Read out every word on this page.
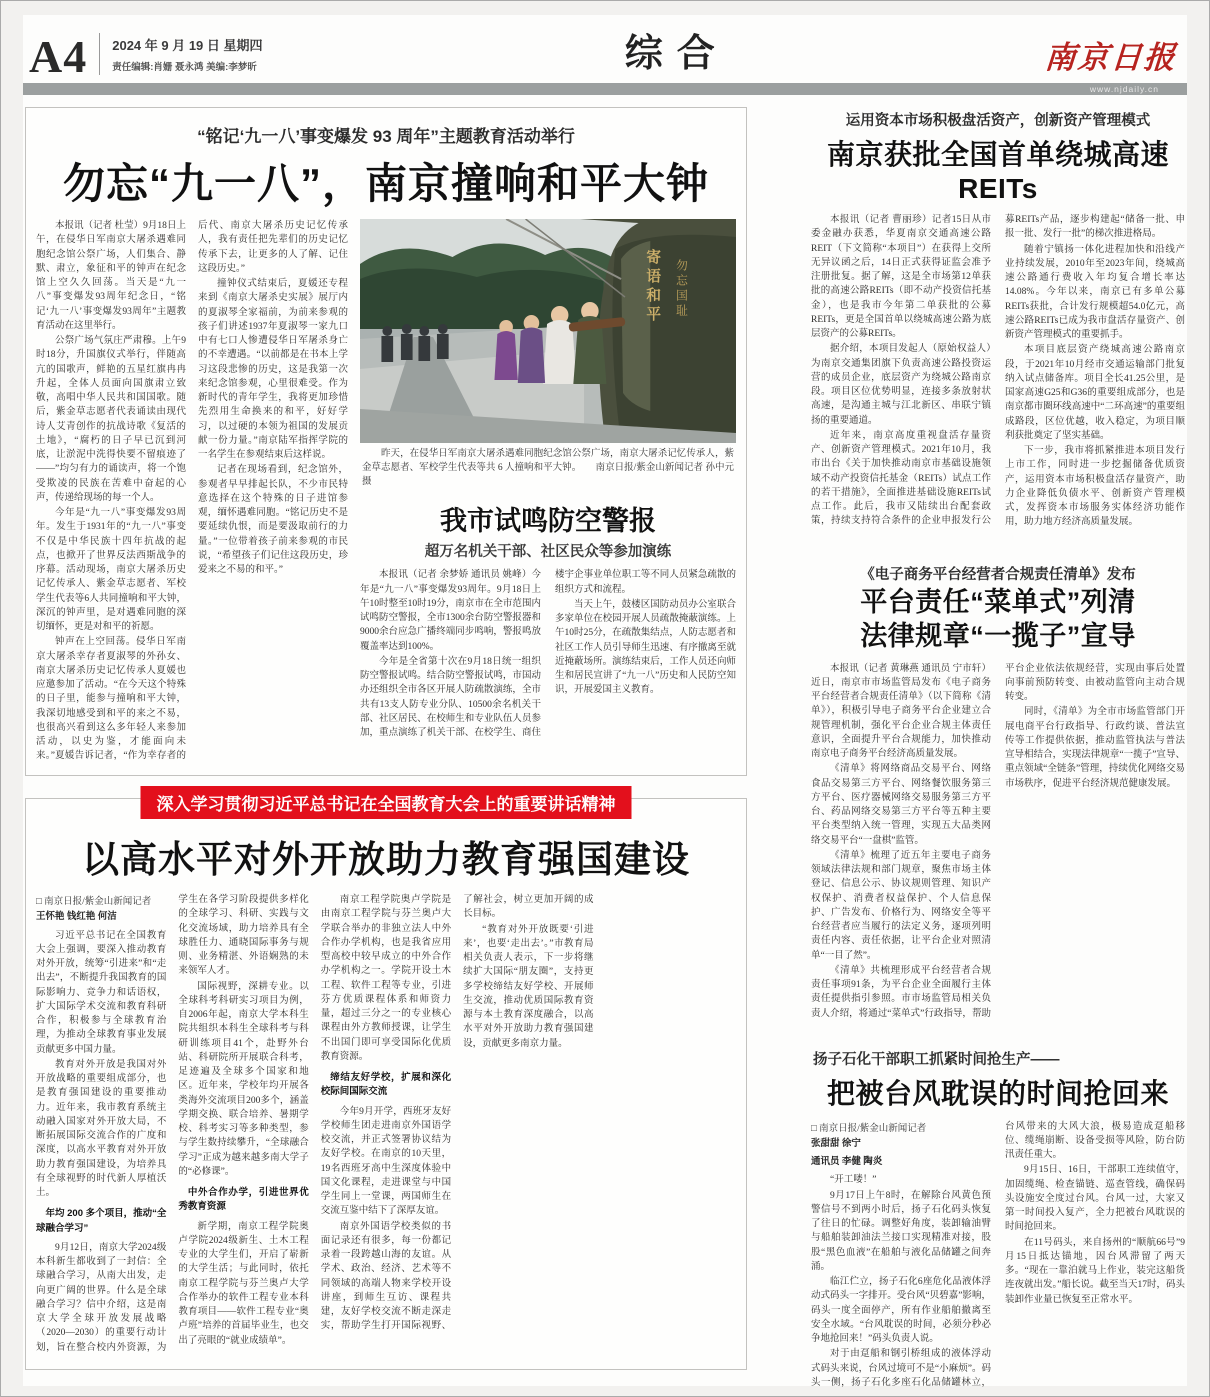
A4 2024 年 9 月 19 日 星期四
责任编辑:肖姗 聂永鸿 美编:李梦昕	综合	南京日报
www.njdaily.cn
“铭记‘九一八’事变爆发 93 周年”主题教育活动举行
勿忘“九一八”，南京撞响和平大钟

本报讯（记者 杜莹）9月18日上午，在侵华日军南京大屠杀遇难同胞纪念馆公祭广场，人们集合、静默、肃立，象征和平的钟声在纪念馆上空久久回荡。当天是“九一八”事变爆发93周年纪念日，“铭记‘九一八’事变爆发93周年”主题教育活动在这里举行。

公祭广场气氛庄严肃穆。上午9时18分，升国旗仪式举行，伴随高亢的国歌声，鲜艳的五星红旗冉冉升起，全体人员面向国旗肃立致敬，高唱中华人民共和国国歌。随后，紫金草志愿者代表诵读由现代诗人艾青创作的抗战诗歌《复活的土地》，“腐朽的日子早已沉到河底，让淤泥中洗得快要不留痕迹了——”均匀有力的诵读声，将一个饱受欺凌的民族在苦难中奋起的心声，传递给现场的每一个人。

今年是“九一八”事变爆发93周年。发生于1931年的“九一八”事变不仅是中华民族十四年抗战的起点，也掀开了世界反法西斯战争的序幕。活动现场，南京大屠杀历史记忆传承人、紫金草志愿者、军校学生代表等6人共同撞响和平大钟，深沉的钟声里，是对遇难同胞的深切缅怀，更是对和平的祈愿。

钟声在上空回荡。侵华日军南京大屠杀幸存者夏淑琴的外孙女、南京大屠杀历史记忆传承人夏媛也应邀参加了活动。“在今天这个特殊的日子里，能参与撞响和平大钟，我深切地感受到和平的来之不易，也很高兴看到这么多年轻人来参加活动，以史为鉴，才能面向未来。”夏媛告诉记者，“作为幸存者的后代、南京大屠杀历史记忆传承人，我有责任把先辈们的历史记忆传承下去，让更多的人了解、记住这段历史。”

撞钟仪式结束后，夏媛还专程来到《南京大屠杀史实展》展厅内的夏淑琴全家福前，为前来参观的孩子们讲述1937年夏淑琴一家九口中有七口人惨遭侵华日军屠杀身亡的不幸遭遇。“以前都是在书本上学习这段悲惨的历史，这是我第一次来纪念馆参观，心里很难受。作为新时代的青年学生，我将更加珍惜先烈用生命换来的和平，好好学习，以过硬的本领为祖国的发展贡献一份力量。”南京陆军指挥学院的一名学生在参观结束后这样说。

记者在现场看到，纪念馆外，参观者早早排起长队，不少市民特意选择在这个特殊的日子进馆参观，缅怀遇难同胞。“铭记历史不是要延续仇恨，而是要汲取前行的力量。”一位带着孩子前来参观的市民说，“希望孩子们记住这段历史，珍爱来之不易的和平。”

寄语和平 勿忘国耻
昨天，在侵华日军南京大屠杀遇难同胞纪念馆公祭广场，南京大屠杀记忆传承人，紫金草志愿者、军校学生代表等共 6 人撞响和平大钟。　　南京日报/紫金山新闻记者 孙中元 摄
我市试鸣防空警报
超万名机关干部、社区民众等参加演练

本报讯（记者 余梦娇 通讯员 姚峰）今年是“九一八”事变爆发93周年。9月18日上午10时整至10时19分，南京市在全市范围内试鸣防空警报，全市1300余台防空警报器和9000余台应急广播终端同步鸣响，警报鸣放覆盖率达到100%。

今年是全省第十次在9月18日统一组织防空警报试鸣。结合防空警报试鸣，市国动办还组织全市各区开展人防疏散演练，全市共有13支人防专业分队、10500余名机关干部、社区居民、在校师生和专业队伍人员参加，重点演练了机关干部、在校学生、商住楼宇企事业单位职工等不同人员紧急疏散的组织方式和流程。

当天上午，鼓楼区国防动员办公室联合多家单位在校园开展人员疏散掩蔽演练。上午10时25分，在疏散集结点，人防志愿者和社区工作人员引导师生迅速、有序撤离至就近掩蔽场所。演练结束后，工作人员还向师生和居民宣讲了“九一八”历史和人民防空知识，开展爱国主义教育。

深入学习贯彻习近平总书记在全国教育大会上的重要讲话精神
以高水平对外开放助力教育强国建设

□ 南京日报/紫金山新闻记者

王怀艳 钱红艳 何洁

习近平总书记在全国教育大会上强调，要深入推动教育对外开放，统筹“引进来”和“走出去”，不断提升我国教育的国际影响力、竞争力和话语权，扩大国际学术交流和教育科研合作，积极参与全球教育治理，为推动全球教育事业发展贡献更多中国力量。

教育对外开放是我国对外开放战略的重要组成部分，也是教育强国建设的重要推动力。近年来，我市教育系统主动融入国家对外开放大局，不断拓展国际交流合作的广度和深度，以高水平教育对外开放助力教育强国建设，为培养具有全球视野的时代新人厚植沃土。

年均 200 多个项目，推动“全球融合学习”

9月12日，南京大学2024级本科新生都收到了一封信：全球融合学习，从南大出发，走向更广阔的世界。什么是全球融合学习？信中介绍，这是南京大学全球开放发展战略（2020—2030）的重要行动计划，旨在整合校内外资源，为学生在各学习阶段提供多样化的全球学习、科研、实践与文化交流场域，助力培养具有全球胜任力、通晓国际事务与规则、业务精湛、外语娴熟的未来领军人才。

国际视野，深耕专业。以全球科考科研实习项目为例，自2006年起，南京大学本科生院共组织本科生全球科考与科研训练项目41个，赴野外台站、科研院所开展联合科考，足迹遍及全球多个国家和地区。近年来，学校年均开展各类海外交流项目200多个，涵盖学期交换、联合培养、暑期学校、科考实习等多种类型，参与学生数持续攀升，“全球融合学习”正成为越来越多南大学子的“必修课”。

中外合作办学，引进世界优秀教育资源

新学期，南京工程学院奥卢学院2024级新生、土木工程专业的大学生们，开启了崭新的大学生活；与此同时，依托南京工程学院与芬兰奥卢大学合作举办的软件工程专业本科教育项目——软件工程专业“奥卢班”培养的首届毕业生，也交出了亮眼的“就业成绩单”。

南京工程学院奥卢学院是由南京工程学院与芬兰奥卢大学联合举办的非独立法人中外合作办学机构，也是我省应用型高校中较早成立的中外合作办学机构之一。学院开设土木工程、软件工程等专业，引进芬方优质课程体系和师资力量，超过三分之一的专业核心课程由外方教师授课，让学生不出国门即可享受国际化优质教育资源。

缔结友好学校，扩展和深化校际间国际交流

今年9月开学，西班牙友好学校师生团走进南京外国语学校交流，并正式签署协议结为友好学校。在南京的10天里，19名西班牙高中生深度体验中国文化课程，走进课堂与中国学生同上一堂课，两国师生在交流互鉴中结下了深厚友谊。

南京外国语学校类似的书面记录还有很多，每一份都记录着一段跨越山海的友谊。从学术、政治、经济、艺术等不同领域的高端人物来学校开设讲座，到师生互访、课程共建，友好学校交流不断走深走实，帮助学生打开国际视野、了解社会，树立更加开阔的成长目标。

“教育对外开放既要‘引进来’，也要‘走出去’。”市教育局相关负责人表示，下一步将继续扩大国际“朋友圈”，支持更多学校缔结友好学校、开展师生交流，推动优质国际教育资源与本土教育深度融合，以高水平对外开放助力教育强国建设，贡献更多南京力量。

运用资本市场积极盘活资产，创新资产管理模式
南京获批全国首单绕城高速 REITs

本报讯（记者 曹丽珍）记者15日从市委金融办获悉，华夏南京交通高速公路REIT（下文简称“本项目”）在获得上交所无异议函之后，14日正式获得证监会准予注册批复。据了解，这是全市场第12单获批的高速公路REITs（即不动产投资信托基金），也是我市今年第二单获批的公募REITs，更是全国首单以绕城高速公路为底层资产的公募REITs。

据介绍，本项目发起人（原始权益人）为南京交通集团旗下负责高速公路投资运营的成员企业，底层资产为绕城公路南京段。项目区位优势明显，连接多条放射状高速，是沟通主城与江北新区、串联宁镇扬的重要通道。

近年来，南京高度重视盘活存量资产、创新资产管理模式。2021年10月，我市出台《关于加快推动南京市基础设施领域不动产投资信托基金（REITs）试点工作的若干措施》，全面推进基础设施REITs试点工作。此后，我市又陆续出台配套政策，持续支持符合条件的企业申报发行公募REITs产品，逐步构建起“储备一批、申报一批、发行一批”的梯次推进格局。

随着宁镇扬一体化进程加快和沿线产业持续发展，2010年至2023年间，绕城高速公路通行费收入年均复合增长率达14.08%。今年以来，南京已有多单公募REITs获批，合计发行规模超54.0亿元，高速公路REITs已成为我市盘活存量资产、创新资产管理模式的重要抓手。

本项目底层资产绕城高速公路南京段，于2021年10月经市交通运输部门批复纳入试点储备库。项目全长41.25公里，是国家高速G25和G36的重要组成部分，也是南京都市圈环线高速中“二环高速”的重要组成路段，区位优越，收入稳定，为项目顺利获批奠定了坚实基础。

下一步，我市将抓紧推进本项目发行上市工作，同时进一步挖掘储备优质资产，运用资本市场积极盘活存量资产，助力企业降低负债水平、创新资产管理模式，发挥资本市场服务实体经济功能作用，助力地方经济高质量发展。

《电子商务平台经营者合规责任清单》发布
平台责任“菜单式”列清
法律规章“一揽子”宣导

本报讯（记者 黄琳燕 通讯员 宁市轩）近日，南京市市场监管局发布《电子商务平台经营者合规责任清单》（以下简称《清单》），积极引导电子商务平台企业建立合规管理机制，强化平台企业合规主体责任意识，全面提升平台合规能力，加快推动南京电子商务平台经济高质量发展。

《清单》将网络商品交易平台、网络食品交易第三方平台、网络餐饮服务第三方平台、医疗器械网络交易服务第三方平台、药品网络交易第三方平台等五种主要平台类型纳入统一管理，实现五大品类网络交易平台“一盘棋”监管。

《清单》梳理了近五年主要电子商务领域法律法规和部门规章，聚焦市场主体登记、信息公示、协议规则管理、知识产权保护、消费者权益保护、个人信息保护、广告发布、价格行为、网络安全等平台经营者应当履行的法定义务，逐项列明责任内容、责任依据，让平台企业对照清单“一目了然”。

《清单》共梳理形成平台经营者合规责任事项91条，为平台企业全面履行主体责任提供指引参照。市市场监管局相关负责人介绍，将通过“菜单式”行政指导，帮助平台企业依法依规经营，实现由事后处置向事前预防转变、由被动监管向主动合规转变。

同时，《清单》为全市市场监管部门开展电商平台行政指导、行政约谈、普法宣传等工作提供依据，推动监管执法与普法宣导相结合，实现法律规章“一揽子”宣导、重点领域“全链条”管理，持续优化网络交易市场秩序，促进平台经济规范健康发展。

扬子石化干部职工抓紧时间抢生产——
把被台风耽误的时间抢回来

□ 南京日报/紫金山新闻记者

张甜甜 徐宁

通讯员 李健 陶炎

“开工喽！”

9月17日上午8时，在解除台风黄色预警信号不到两小时后，扬子石化码头恢复了往日的忙碌。调整好角度，装卸输油臂与船舶装卸油法兰接口实现精准对接，股股“黑色血液”在船舶与液化品储罐之间奔涌。

临江伫立，扬子石化6座危化品液体浮动式码头一字排开。受台风“贝碧嘉”影响，码头一度全面停产，所有作业船舶撤离至安全水域。“台风耽误的时间，必须分秒必争地抢回来！”码头负责人说。

对于由趸船和钢引桥组成的液体浮动式码头来说，台风过境可不是“小麻烦”。码头一侧，扬子石化多座石化品储罐林立，台风带来的大风大浪，极易造成趸船移位、缆绳崩断、设备受损等风险，防台防汛责任重大。

9月15日、16日，干部职工连续值守，加固缆绳、检查锚链、巡查管线，确保码头设施安全度过台风。台风一过，大家又第一时间投入复产，全力把被台风耽误的时间抢回来。

在11号码头，来自扬州的“顺航66号”9月15日抵达锚地，因台风滞留了两天多。“现在一靠泊就马上作业，装完这船货连夜就出发。”船长说。截至当天17时，码头装卸作业量已恢复至正常水平。
